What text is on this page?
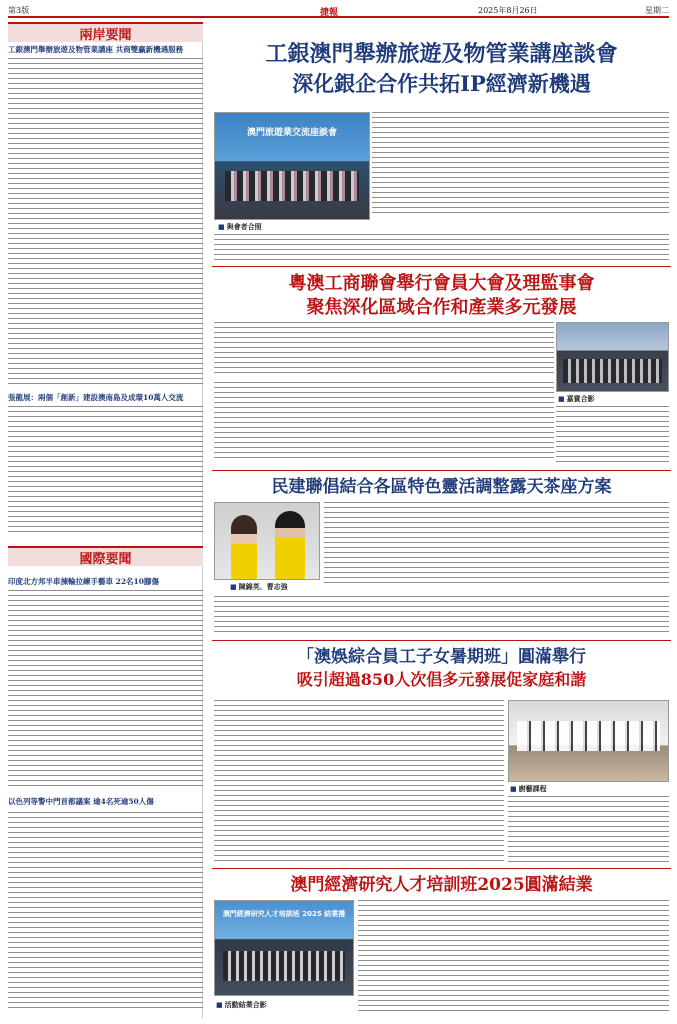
第3版	捷報	2025年8月26日	星期二
兩岸要聞
工銀澳門舉辦旅遊及物管業講座 共商雙贏新機遇服務
張龍展：兩個「創新」建設澳南島及成環10萬人交流
國際要聞
印度北方邦半車揀輪拉練手藝車 22名10腳傷
以色列等警中門首都議案 逾4名死逾50人傷
工銀澳門舉辦旅遊及物管業講座談會
深化銀企合作共拓IP經濟新機遇
澳門旅遊業交流座談會
■ 與會者合照
粵澳工商聯會舉行會員大會及理監事會
聚焦深化區域合作和產業多元發展
■ 嘉賓合影
民建聯倡結合各區特色靈活調整露天茶座方案
■ 陳錦英、曹志強
「澳娛綜合員工子女暑期班」圓滿舉行
吸引超過850人次倡多元發展促家庭和諧
■ 廚藝課程
澳門經濟研究人才培訓班2025圓滿結業
澳門經濟研究人才培訓班 2025 結業禮
■ 活動結業合影
